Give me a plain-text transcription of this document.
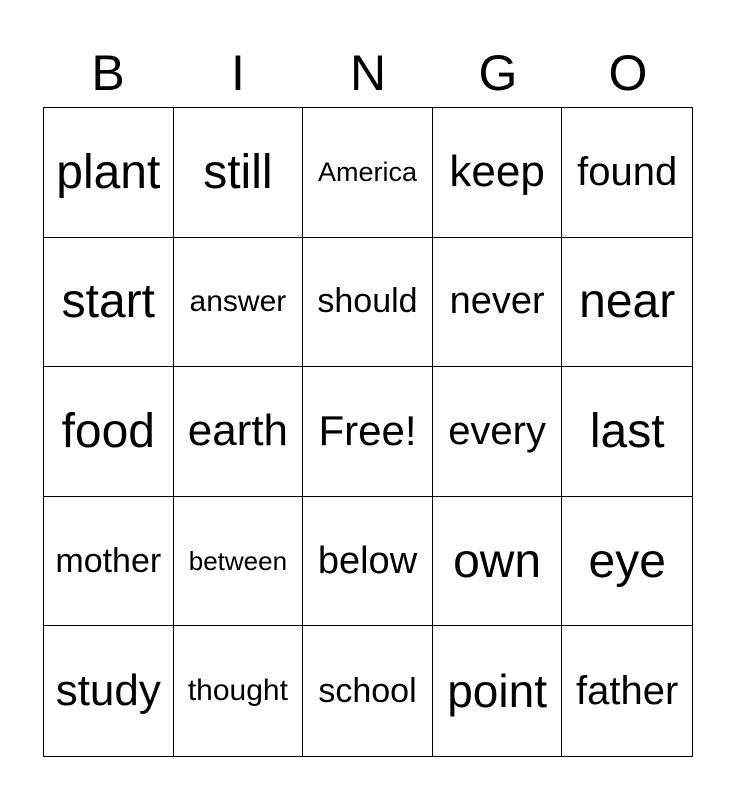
B	I	N	G	O
plant still America keep found
start answer should never near
food earth Free! every last
mother between below own eye
study thought school point father
